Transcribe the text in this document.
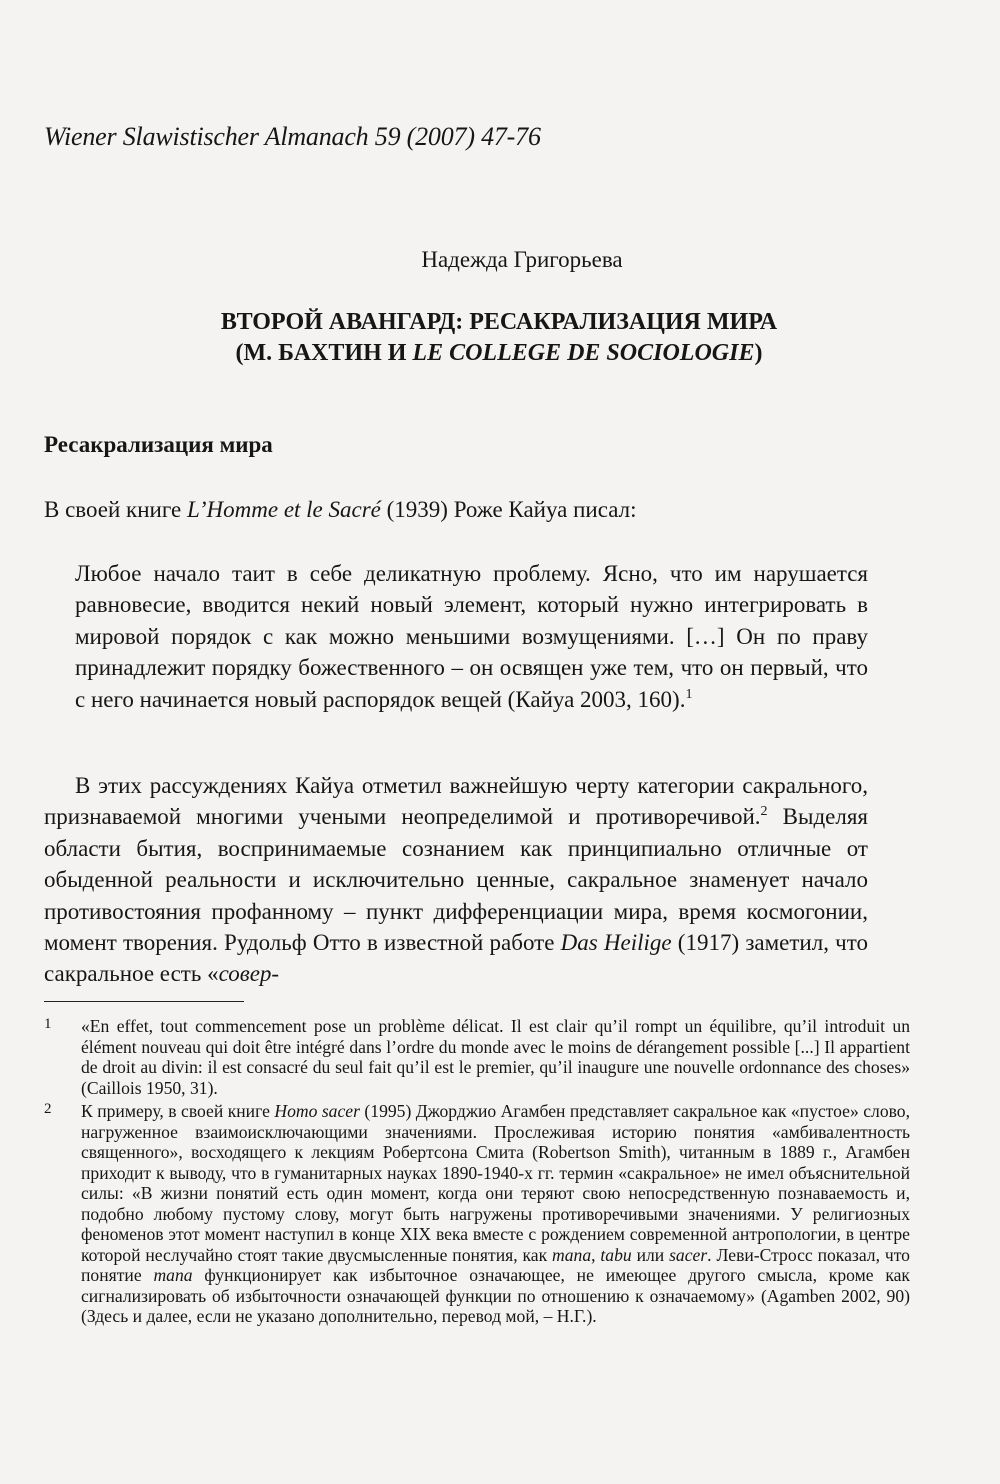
Wiener Slawistischer Almanach 59 (2007) 47-76
Надежда Григорьева
ВТОРОЙ АВАНГАРД: РЕСАКРАЛИЗАЦИЯ МИРА
(М. БАХТИН И LE COLLEGE DE SOCIOLOGIE)
Ресакрализация мира

В своей книге L’Homme et le Sacré (1939) Роже Кайуа писал:

Любое начало таит в себе деликатную проблему. Ясно, что им нарушается равновесие, вводится некий новый элемент, который нужно интегрировать в мировой порядок с как можно меньшими возмущениями. […] Он по праву принадлежит порядку божественного – он освящен уже тем, что он первый, что с него начинается новый распорядок вещей (Кайуа 2003, 160).$^1$

В этих рассуждениях Кайуа отметил важнейшую черту категории сакрального, признаваемой многими учеными неопределимой и противоречивой.$^2$ Выделяя области бытия, воспринимаемые сознанием как принципиально отличные от обыденной реальности и исключительно ценные, сакральное знаменует начало противостояния профанному – пункт дифференциации мира, время космогонии, момент творения. Рудольф Отто в известной работе Das Heilige (1917) заметил, что сакральное есть «совер-

1 «En effet, tout commencement pose un problème délicat. Il est clair qu’il rompt un équilibre, qu’il introduit un élément nouveau qui doit être intégré dans l’ordre du monde avec le moins de dérangement possible [...] Il appartient de droit au divin: il est consacré du seul fait qu’il est le premier, qu’il inaugure une nouvelle ordonnance des choses» (Caillois 1950, 31).
2 К примеру, в своей книге Homo sacer (1995) Джорджио Агамбен представляет сакральное как «пустое» слово, нагруженное взаимоисключающими значениями. Прослеживая историю понятия «амбивалентность священного», восходящего к лекциям Робертсона Смита (Robertson Smith), читанным в 1889 г., Агамбен приходит к выводу, что в гуманитарных науках 1890-1940-х гг. термин «сакральное» не имел объяснительной силы: «В жизни понятий есть один момент, когда они теряют свою непосредственную познаваемость и, подобно любому пустому слову, могут быть нагружены противоречивыми значениями. У религиозных феноменов этот момент наступил в конце XIX века вместе с рождением современной антропологии, в центре которой неслучайно стоят такие двусмысленные понятия, как mana, tabu или sacer. Леви-Стросс показал, что понятие mana функционирует как избыточное означающее, не имеющее другого смысла, кроме как сигнализировать об избыточности означающей функции по отношению к означаемому» (Agamben 2002, 90) (Здесь и далее, если не указано дополнительно, перевод мой, – Н.Г.).
